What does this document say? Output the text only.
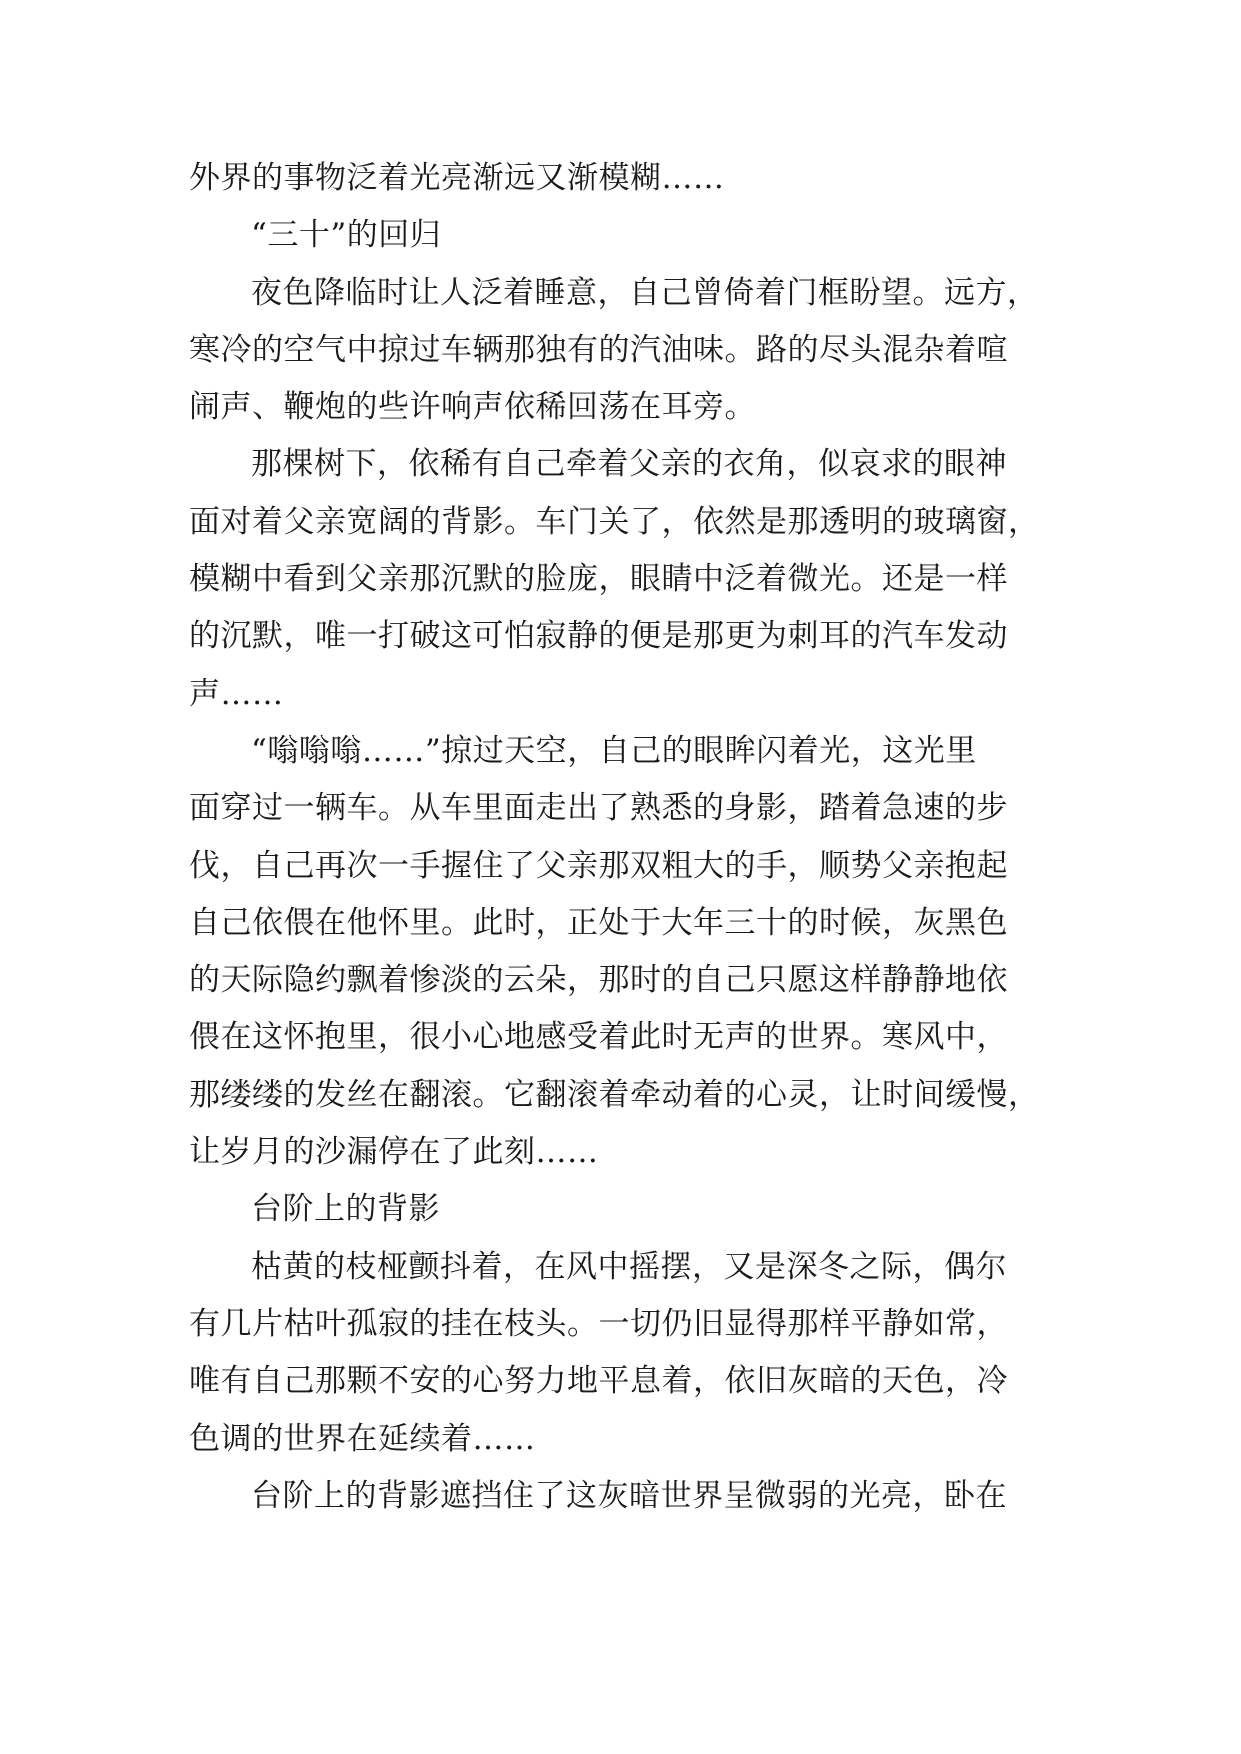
外界的事物泛着光亮渐远又渐模糊……
“三十”的回归
夜色降临时让人泛着睡意，自己曾倚着门框盼望。远方，
寒冷的空气中掠过车辆那独有的汽油味。路的尽头混杂着喧
闹声、鞭炮的些许响声依稀回荡在耳旁。
那棵树下，依稀有自己牵着父亲的衣角，似哀求的眼神
面对着父亲宽阔的背影。车门关了，依然是那透明的玻璃窗，
模糊中看到父亲那沉默的脸庞，眼睛中泛着微光。还是一样
的沉默，唯一打破这可怕寂静的便是那更为刺耳的汽车发动
声……
“嗡嗡嗡……”掠过天空，自己的眼眸闪着光，这光里
面穿过一辆车。从车里面走出了熟悉的身影，踏着急速的步
伐，自己再次一手握住了父亲那双粗大的手，顺势父亲抱起
自己依偎在他怀里。此时，正处于大年三十的时候，灰黑色
的天际隐约飘着惨淡的云朵，那时的自己只愿这样静静地依
偎在这怀抱里，很小心地感受着此时无声的世界。寒风中，
那缕缕的发丝在翻滚。它翻滚着牵动着的心灵，让时间缓慢，
让岁月的沙漏停在了此刻……
台阶上的背影
枯黄的枝桠颤抖着，在风中摇摆，又是深冬之际，偶尔
有几片枯叶孤寂的挂在枝头。一切仍旧显得那样平静如常，
唯有自己那颗不安的心努力地平息着，依旧灰暗的天色，冷
色调的世界在延续着……
台阶上的背影遮挡住了这灰暗世界呈微弱的光亮，卧在
